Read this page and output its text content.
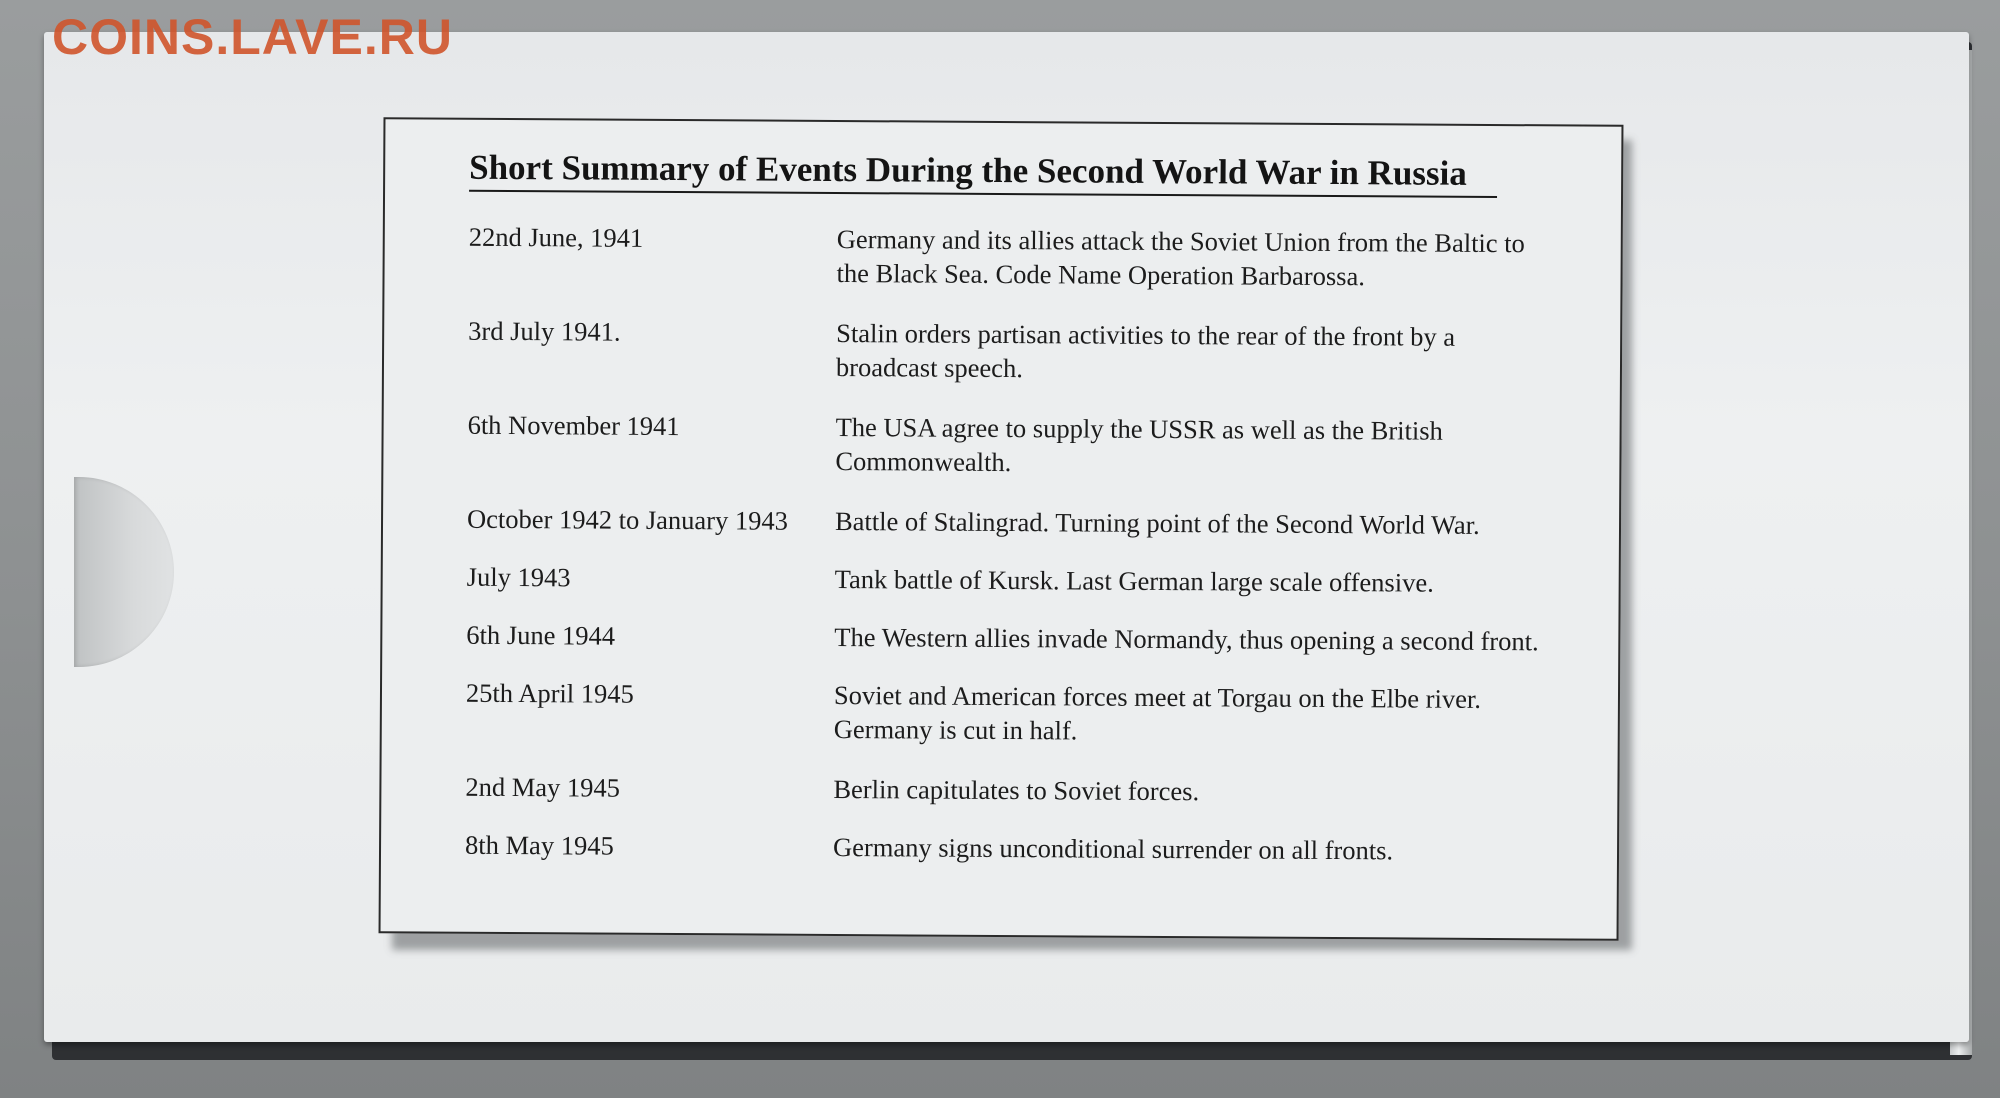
COINS.LAVE.RU
Short Summary of Events During the Second World War in Russia
22nd June, 1941	Germany and its allies attack the Soviet Union from the Baltic to the Black Sea. Code Name Operation Barbarossa.
3rd July 1941.	Stalin orders partisan activities to the rear of the front by a broadcast speech.
6th November 1941	The USA agree to supply the USSR as well as the British Commonwealth.
October 1942 to January 1943	Battle of Stalingrad. Turning point of the Second World War.
July 1943	Tank battle of Kursk. Last German large scale offensive.
6th June 1944	The Western allies invade Normandy, thus opening a second front.
25th April 1945	Soviet and American forces meet at Torgau on the Elbe river. Germany is cut in half.
2nd May 1945	Berlin capitulates to Soviet forces.
8th May 1945	Germany signs unconditional surrender on all fronts.
